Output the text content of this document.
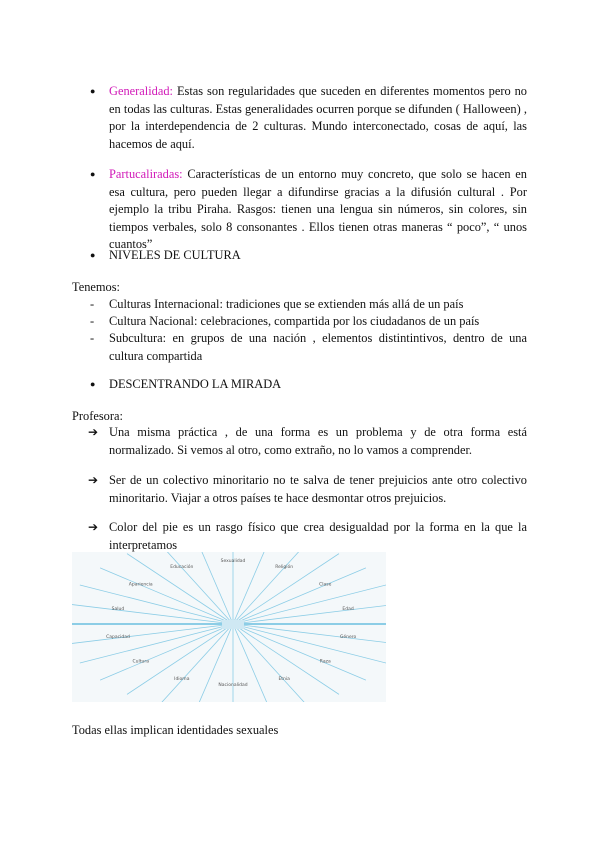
● Generalidad: Estas son regularidades que suceden en diferentes momentos pero no en todas las culturas. Estas generalidades ocurren porque se difunden ( Halloween) , por la interdependencia de 2 culturas. Mundo interconectado, cosas de aquí, las hacemos de aquí.
● Partucaliradas: Características de un entorno muy concreto, que solo se hacen en esa cultura, pero pueden llegar a difundirse gracias a la difusión cultural . Por ejemplo la tribu Piraha. Rasgos: tienen una lengua sin números, sin colores, sin tiempos verbales, solo 8 consonantes . Ellos tienen otras maneras “ poco”, “ unos cuantos”
● NIVELES DE CULTURA
Tenemos:
- Culturas Internacional: tradiciones que se extienden más allá de un país
- Cultura Nacional: celebraciones, compartida por los ciudadanos de un país
- Subcultura: en grupos de una nación , elementos distintintivos, dentro de una cultura compartida
● DESCENTRANDO LA MIRADA
Profesora:
➔ Una misma práctica , de una forma es un problema y de otra forma está normalizado. Si vemos al otro, como extraño, no lo vamos a comprender.
➔ Ser de un colectivo minoritario no te salva de tener prejuicios ante otro colectivo minoritario. Viajar a otros países te hace desmontar otros prejuicios.
➔ Color del pie es un rasgo físico que crea desigualdad por la forma en la que la interpretamos
Sexualidad
Religión
Clase
Edad
Género
Raza
Etnia
Nacionalidad
Idioma
Cultura
Capacidad
Salud
Apariencia
Educación
Todas ellas implican identidades sexuales
